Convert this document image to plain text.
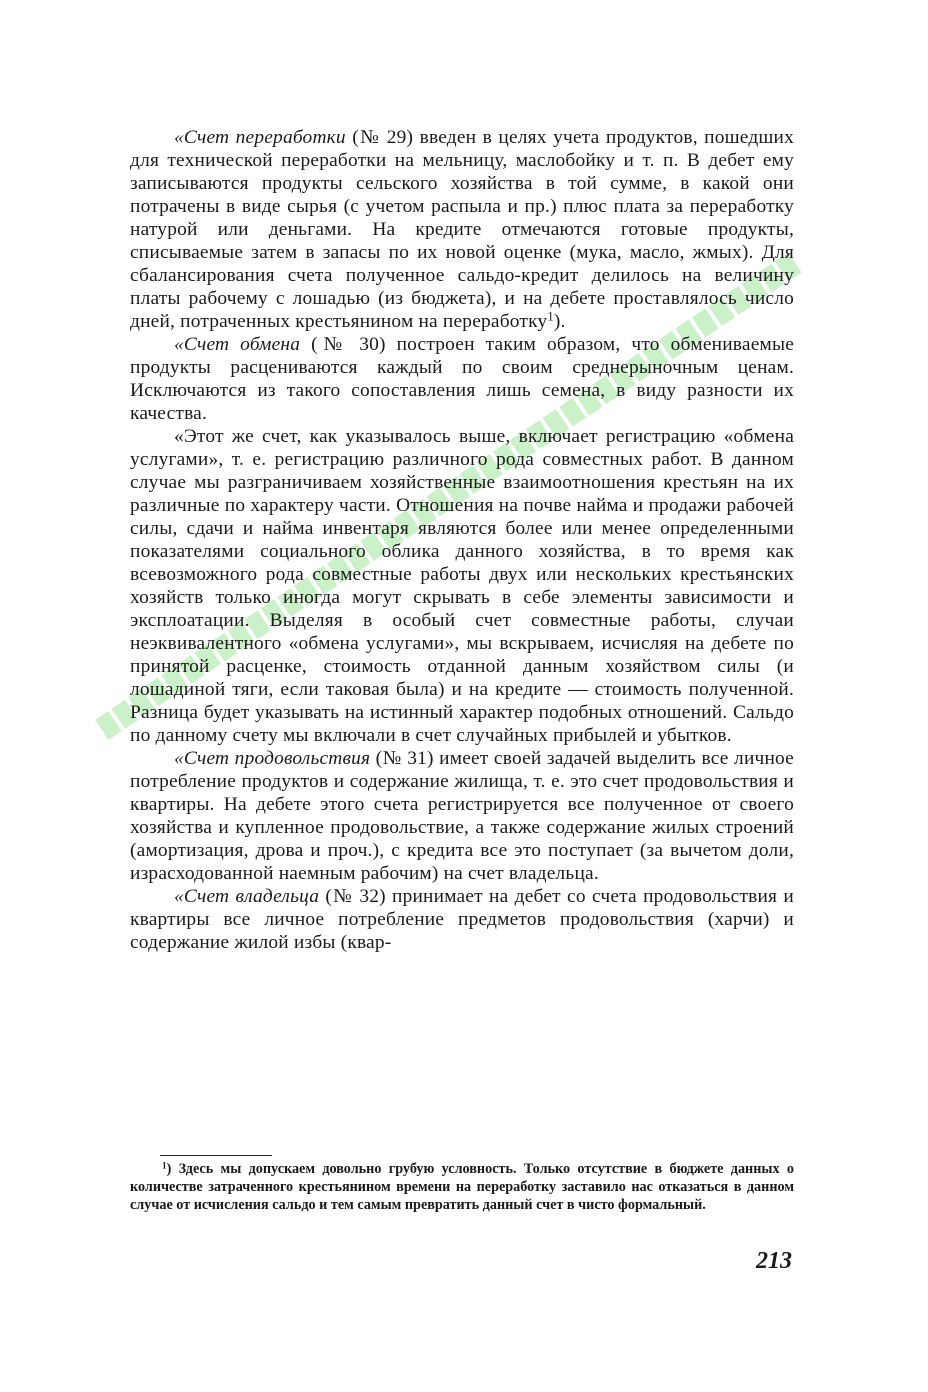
«Счет переработки (№ 29) введен в целях учета продуктов, пошедших для технической переработки на мельницу, маслобойку и т. п. В дебет ему записываются продукты сельского хозяйства в той сумме, в какой они потрачены в виде сырья (с учетом распыла и пр.) плюс плата за переработку натурой или деньгами. На кредите отмечаются готовые продукты, списываемые затем в запасы по их новой оценке (мука, масло, жмых). Для сбалансирования счета полученное сальдо-кредит делилось на величину платы рабочему с лошадью (из бюджета), и на дебете проставлялось число дней, потраченных крестьянином на переработку$^1$).

«Счет обмена (№ 30) построен таким образом, что обмениваемые продукты расцениваются каждый по своим среднерыночным ценам. Исключаются из такого сопоставления лишь семена, в виду разности их качества.

«Этот же счет, как указывалось выше, включает регистрацию «обмена услугами», т. е. регистрацию различного рода совместных работ. В данном случае мы разграничиваем хозяйственные взаимоотношения крестьян на их различные по характеру части. Отношения на почве найма и продажи рабочей силы, сдачи и найма инвентаря являются более или менее определенными показателями социального облика данного хозяйства, в то время как всевозможного рода совместные работы двух или нескольких крестьянских хозяйств только иногда могут скрывать в себе элементы зависимости и эксплоатации. Выделяя в особый счет совместные работы, случаи неэквивалентного «обмена услугами», мы вскрываем, исчисляя на дебете по принятой расценке, стоимость отданной данным хозяйством силы (и лошадиной тяги, если таковая была) и на кредите — стоимость полученной. Разница будет указывать на истинный характер подобных отношений. Сальдо по данному счету мы включали в счет случайных прибылей и убытков.

«Счет продовольствия (№ 31) имеет своей задачей выделить все личное потребление продуктов и содержание жилища, т. е. это счет продовольствия и квартиры. На дебете этого счета регистрируется все полученное от своего хозяйства и купленное продовольствие, а также содержание жилых строений (амортизация, дрова и проч.), с кредита все это поступает (за вычетом доли, израсходованной наемным рабочим) на счет владельца.

«Счет владельца (№ 32) принимает на дебет со счета продовольствия и квартиры все личное потребление предметов продовольствия (харчи) и содержание жилой избы (квар-

$^1$) Здесь мы допускаем довольно грубую условность. Только отсутствие в бюджете данных о количестве затраченного крестьянином времени на переработку заставило нас отказаться в данном случае от исчисления сальдо и тем самым превратить данный счет в чисто формальный.

213
